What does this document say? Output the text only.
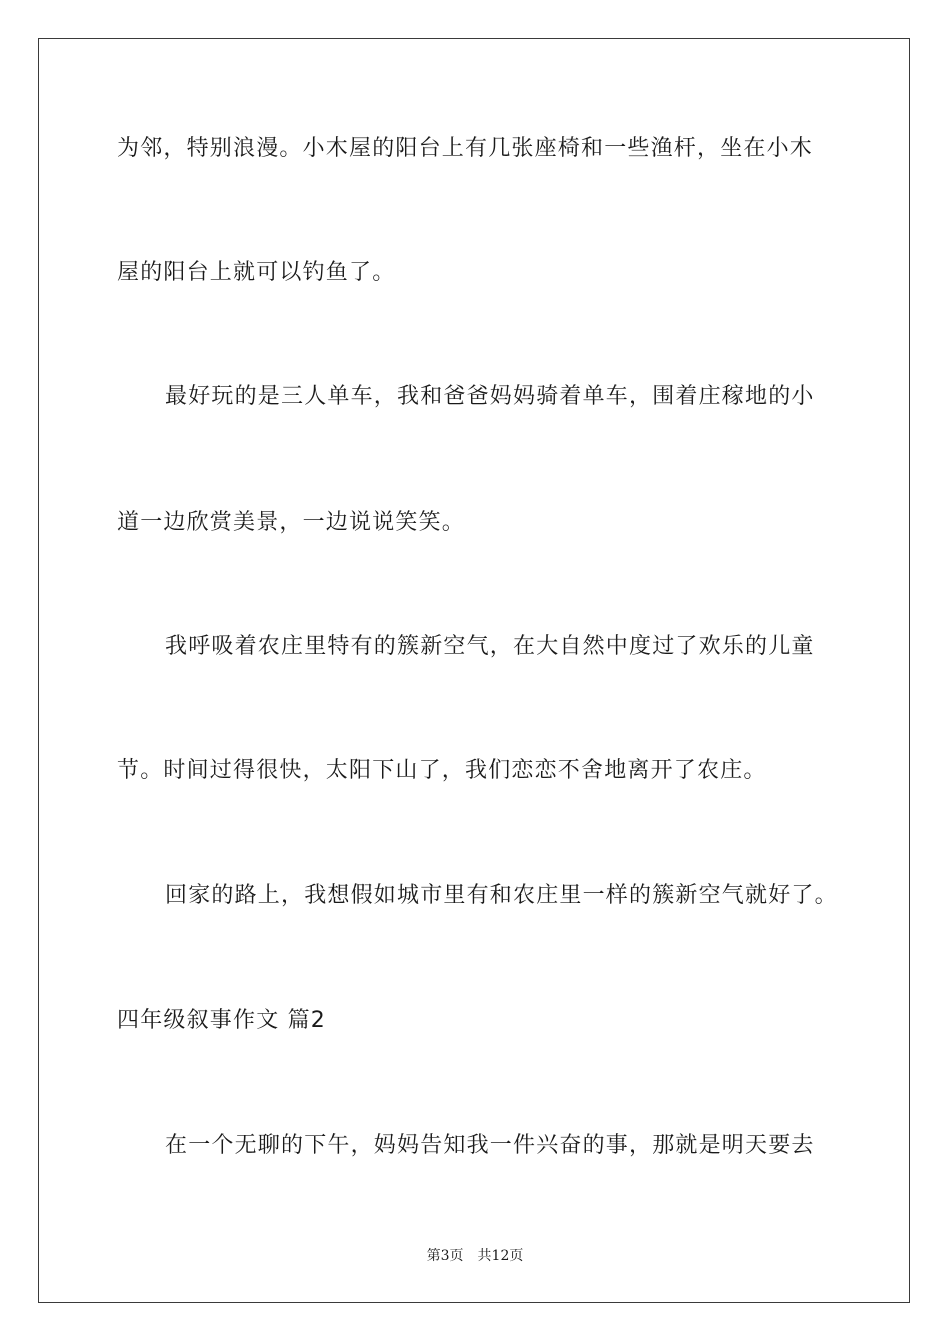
为邻，特别浪漫。小木屋的阳台上有几张座椅和一些渔杆，坐在小木
屋的阳台上就可以钓鱼了。
最好玩的是三人单车，我和爸爸妈妈骑着单车，围着庄稼地的小
道一边欣赏美景，一边说说笑笑。
我呼吸着农庄里特有的簇新空气，在大自然中度过了欢乐的儿童
节。时间过得很快，太阳下山了，我们恋恋不舍地离开了农庄。
回家的路上，我想假如城市里有和农庄里一样的簇新空气就好了。
四年级叙事作文 篇2
在一个无聊的下午，妈妈告知我一件兴奋的事，那就是明天要去
第3页 共12页
